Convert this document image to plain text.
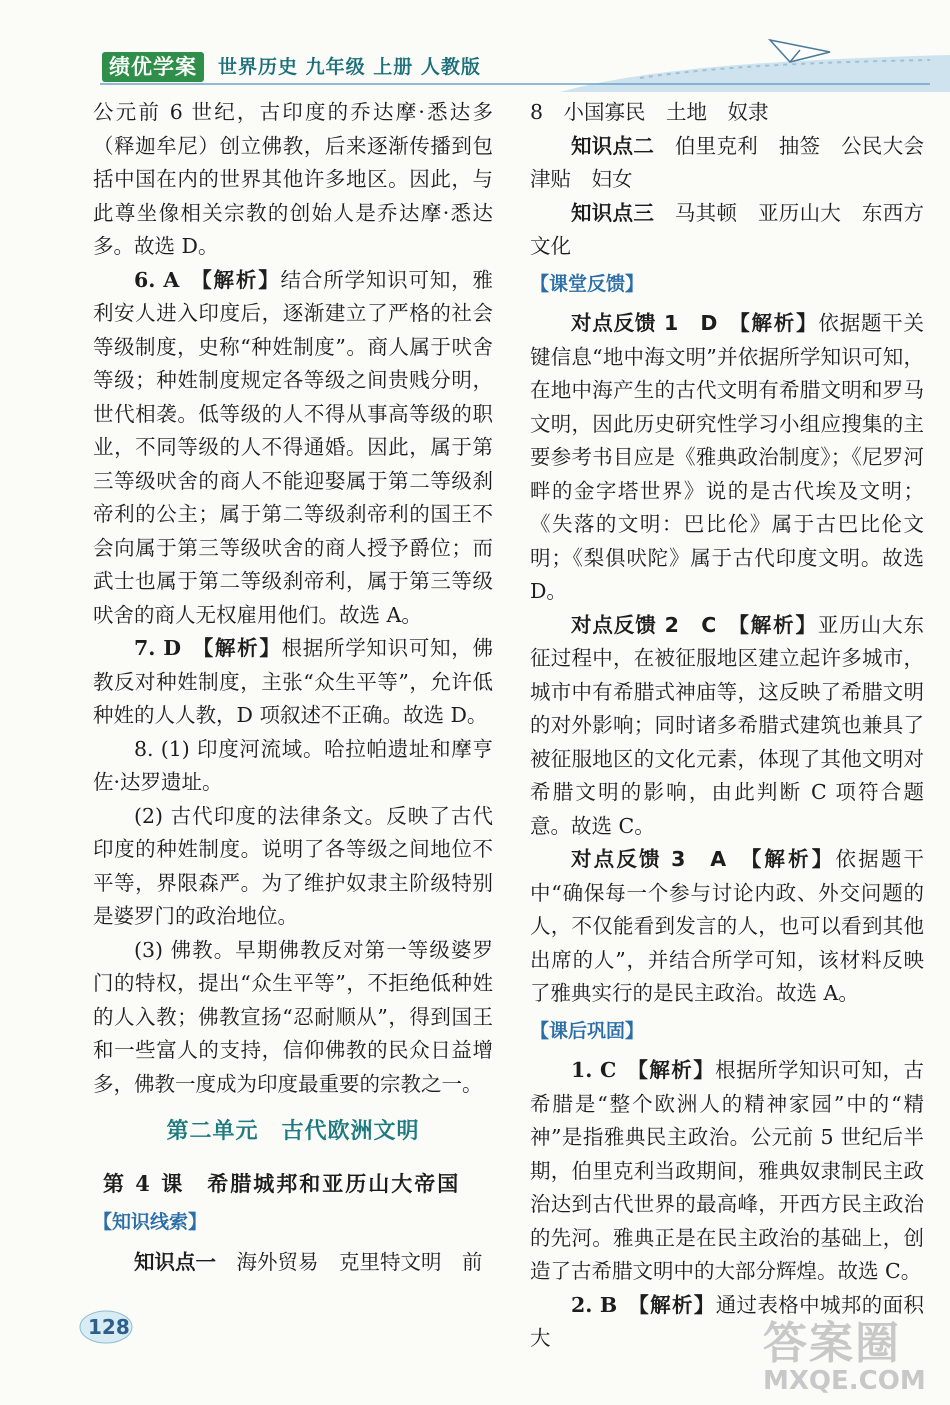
绩优学案	世界历史 九年级 上册 人教版

公元前 6 世纪，古印度的乔达摩·悉达多（释迦牟尼）创立佛教，后来逐渐传播到包括中国在内的世界其他许多地区。因此，与此尊坐像相关宗教的创始人是乔达摩·悉达多。故选 D。

6. A　 【解析】结合所学知识可知，雅利安人进入印度后，逐渐建立了严格的社会等级制度，史称“种姓制度”。商人属于吠舍等级；种姓制度规定各等级之间贵贱分明，世代相袭。低等级的人不得从事高等级的职业，不同等级的人不得通婚。因此，属于第三等级吠舍的商人不能迎娶属于第二等级刹帝利的公主；属于第二等级刹帝利的国王不会向属于第三等级吠舍的商人授予爵位；而武士也属于第二等级刹帝利，属于第三等级吠舍的商人无权雇用他们。故选 A。

7. D　 【解析】根据所学知识可知，佛教反对种姓制度，主张“众生平等”，允许低种姓的人人教，D 项叙述不正确。故选 D。

8. (1) 印度河流域。哈拉帕遗址和摩亨佐·达罗遗址。

(2) 古代印度的法律条文。反映了古代印度的种姓制度。说明了各等级之间地位不平等，界限森严。为了维护奴隶主阶级特别是婆罗门的政治地位。

(3) 佛教。早期佛教反对第一等级婆罗门的特权，提出“众生平等”，不拒绝低种姓的人入教；佛教宣扬“忍耐顺从”，得到国王和一些富人的支持，信仰佛教的民众日益增多，佛教一度成为印度最重要的宗教之一。

第二单元　古代欧洲文明
第 4 课　希腊城邦和亚历山大帝国
【知识线索】

知识点一　海外贸易　克里特文明　前

8　小国寡民　土地　奴隶

知识点二　伯里克利　抽签　公民大会　津贴　妇女

知识点三　马其顿　亚历山大　东西方文化

【课堂反馈】

对点反馈 1　D　 【解析】依据题干关键信息“地中海文明”并依据所学知识可知，在地中海产生的古代文明有希腊文明和罗马文明，因此历史研究性学习小组应搜集的主要参考书目应是《雅典政治制度》；《尼罗河畔的金字塔世界》说的是古代埃及文明；《失落的文明：巴比伦》属于古巴比伦文明；《梨俱吠陀》属于古代印度文明。故选 D。

对点反馈 2　C　 【解析】亚历山大东征过程中，在被征服地区建立起许多城市，城市中有希腊式神庙等，这反映了希腊文明的对外影响；同时诸多希腊式建筑也兼具了被征服地区的文化元素，体现了其他文明对希腊文明的影响，由此判断 C 项符合题意。故选 C。

对点反馈 3　A　 【解析】依据题干中“确保每一个参与讨论内政、外交问题的人，不仅能看到发言的人，也可以看到其他出席的人”，并结合所学可知，该材料反映了雅典实行的是民主政治。故选 A。

【课后巩固】

1. C　 【解析】根据所学知识可知，古希腊是“整个欧洲人的精神家园”中的“精神”是指雅典民主政治。公元前 5 世纪后半期，伯里克利当政期间，雅典奴隶制民主政治达到古代世界的最高峰，开西方民主政治的先河。雅典正是在民主政治的基础上，创造了古希腊文明中的大部分辉煌。故选 C。

2. B　 【解析】通过表格中城邦的面积大

128	答案圈
MXQE.COM
